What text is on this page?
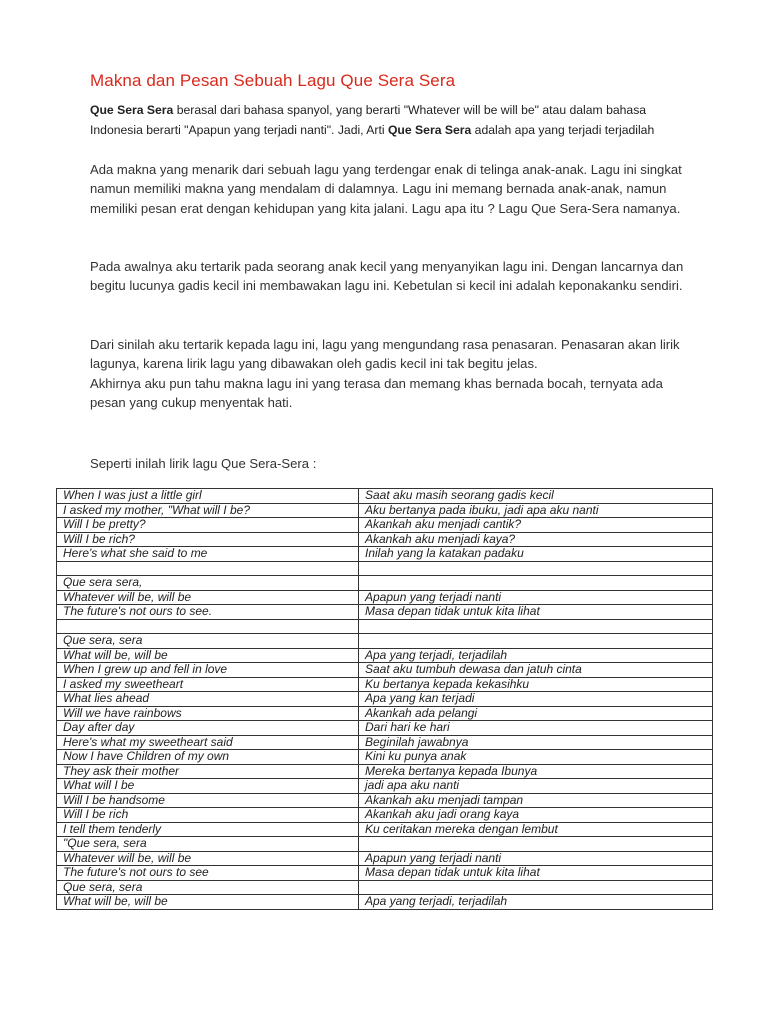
Makna dan Pesan Sebuah Lagu Que Sera Sera
Que Sera Sera berasal dari bahasa spanyol, yang berarti "Whatever will be will be" atau dalam bahasa Indonesia berarti "Apapun yang terjadi nanti". Jadi, Arti Que Sera Sera adalah apa yang terjadi terjadilah

Ada makna yang menarik dari sebuah lagu yang terdengar enak di telinga anak-anak. Lagu ini singkat namun memiliki makna yang mendalam di dalamnya. Lagu ini memang bernada anak-anak, namun memiliki pesan erat dengan kehidupan yang kita jalani. Lagu apa itu ? Lagu Que Sera-Sera namanya.

Pada awalnya aku tertarik pada seorang anak kecil yang menyanyikan lagu ini. Dengan lancarnya dan begitu lucunya gadis kecil ini membawakan lagu ini. Kebetulan si kecil ini adalah keponakanku sendiri.

Dari sinilah aku tertarik kepada lagu ini, lagu yang mengundang rasa penasaran. Penasaran akan lirik lagunya, karena lirik lagu yang dibawakan oleh gadis kecil ini tak begitu jelas.

Akhirnya aku pun tahu makna lagu ini yang terasa dan memang khas bernada bocah, ternyata ada pesan yang cukup menyentak hati.

Seperti inilah lirik lagu Que Sera-Sera :

When I was just a little girl	Saat aku masih seorang gadis kecil
I asked my mother, "What will I be?	Aku bertanya pada ibuku, jadi apa aku nanti
Will I be pretty?	Akankah aku menjadi cantik?
Will I be rich?	Akankah aku menjadi kaya?
Here's what she said to me	Inilah yang la katakan padaku

Que sera sera,	
Whatever will be, will be	Apapun yang terjadi nanti
The future's not ours to see.	Masa depan tidak untuk kita lihat

Que sera, sera	
What will be, will be	Apa yang terjadi, terjadilah
When I grew up and fell in love	Saat aku tumbuh dewasa dan jatuh cinta
I asked my sweetheart	Ku bertanya kepada kekasihku
What lies ahead	Apa yang kan terjadi
Will we have rainbows	Akankah ada pelangi
Day after day	Dari hari ke hari
Here's what my sweetheart said	Beginilah jawabnya
Now I have Children of my own	Kini ku punya anak
They ask their mother	Mereka bertanya kepada Ibunya
What will I be	jadi apa aku nanti
Will I be handsome	Akankah aku menjadi tampan
Will I be rich	Akankah aku jadi orang kaya
I tell them tenderly	Ku ceritakan mereka dengan lembut
"Que sera, sera	
Whatever will be, will be	Apapun yang terjadi nanti
The future's not ours to see	Masa depan tidak untuk kita lihat
Que sera, sera	
What will be, will be	Apa yang terjadi, terjadilah
